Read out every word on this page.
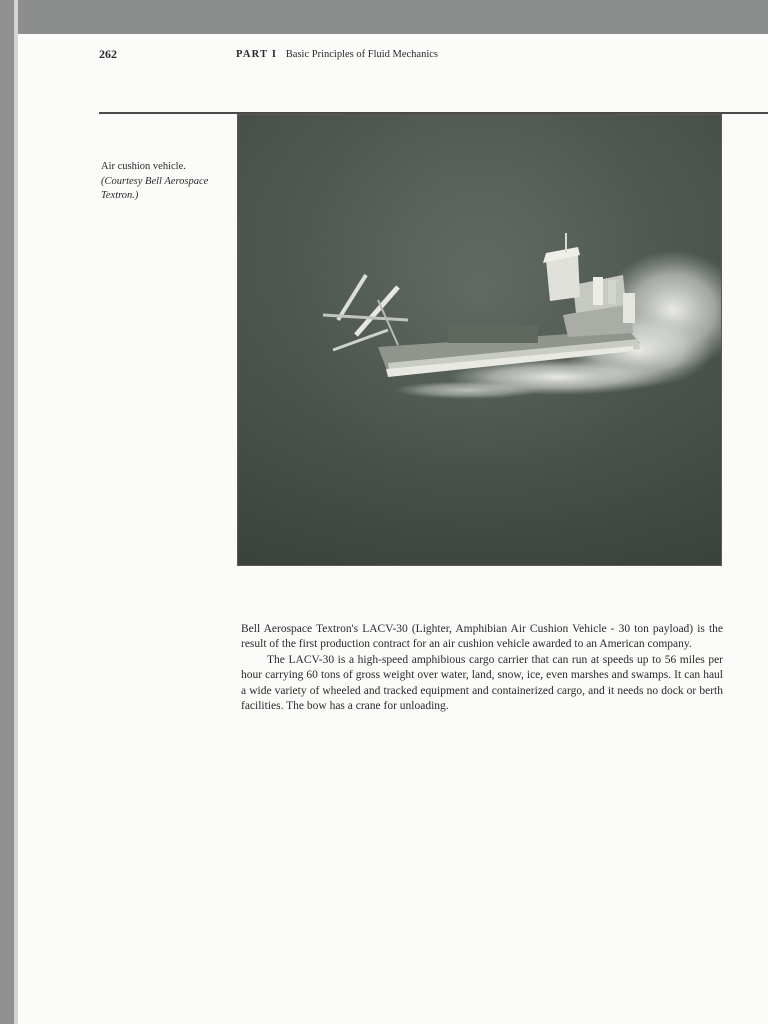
262	PART I Basic Principles of Fluid Mechanics
Air cushion vehicle.
(Courtesy Bell Aerospace Textron.)

Bell Aerospace Textron's LACV-30 (Lighter, Amphibian Air Cushion Vehicle - 30 ton payload) is the result of the first production contract for an air cushion vehicle awarded to an American company.

The LACV-30 is a high-speed amphibious cargo carrier that can run at speeds up to 56 miles per hour carrying 60 tons of gross weight over water, land, snow, ice, even marshes and swamps. It can haul a wide variety of wheeled and tracked equipment and containerized cargo, and it needs no dock or berth facilities. The bow has a crane for unloading.
